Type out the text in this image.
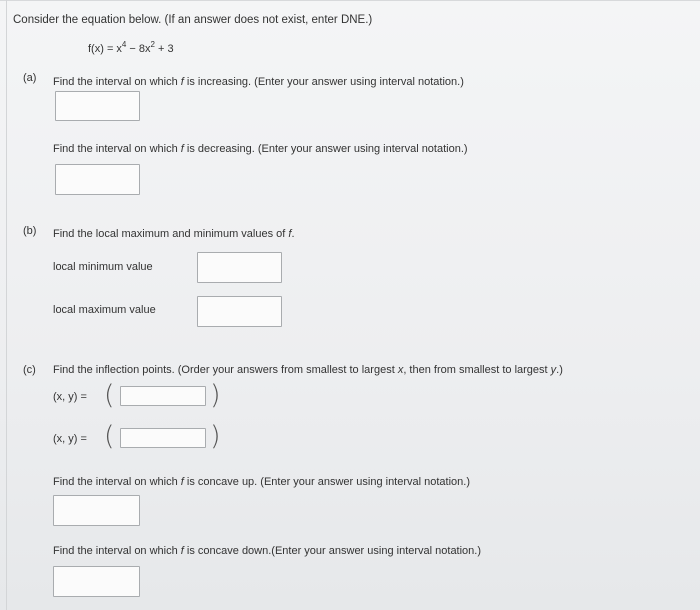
Consider the equation below. (If an answer does not exist, enter DNE.)
$f(x) = x^4 - 8x^2 + 3$
(a) Find the interval on which f is increasing. (Enter your answer using interval notation.)
Find the interval on which f is decreasing. (Enter your answer using interval notation.)
(b) Find the local maximum and minimum values of f.
local minimum value
local maximum value
(c) Find the inflection points. (Order your answers from smallest to largest x, then from smallest to largest y.)
(x, y) = (	)
(x, y) = (	)
Find the interval on which f is concave up. (Enter your answer using interval notation.)
Find the interval on which f is concave down.(Enter your answer using interval notation.)
